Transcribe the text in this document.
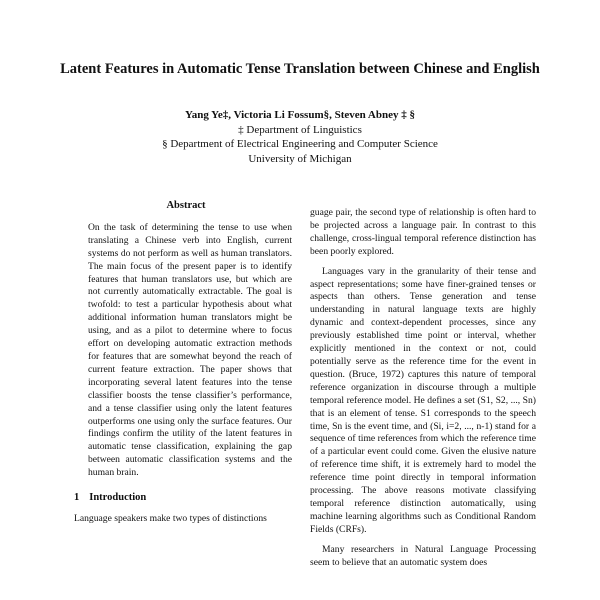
Latent Features in Automatic Tense Translation between Chinese and English
Yang Ye‡, Victoria Li Fossum§, Steven Abney ‡ §
‡ Department of Linguistics
§ Department of Electrical Engineering and Computer Science
University of Michigan
Abstract

On the task of determining the tense to use when translating a Chinese verb into English, current systems do not perform as well as human translators. The main focus of the present paper is to identify features that human translators use, but which are not currently automatically extractable. The goal is twofold: to test a particular hypothesis about what additional information human translators might be using, and as a pilot to determine where to focus effort on developing automatic extraction methods for features that are somewhat beyond the reach of current feature extraction. The paper shows that incorporating several latent features into the tense classifier boosts the tense classifier’s performance, and a tense classifier using only the latent features outperforms one using only the surface features. Our findings confirm the utility of the latent features in automatic tense classification, explaining the gap between automatic classification systems and the human brain.

1 Introduction

Language speakers make two types of distinctions

guage pair, the second type of relationship is often hard to be projected across a language pair. In contrast to this challenge, cross-lingual temporal reference distinction has been poorly explored.

Languages vary in the granularity of their tense and aspect representations; some have finer-grained tenses or aspects than others. Tense generation and tense understanding in natural language texts are highly dynamic and context-dependent processes, since any previously established time point or interval, whether explicitly mentioned in the context or not, could potentially serve as the reference time for the event in question. (Bruce, 1972) captures this nature of temporal reference organization in discourse through a multiple temporal reference model. He defines a set (S1, S2, ..., Sn) that is an element of tense. S1 corresponds to the speech time, Sn is the event time, and (Si, i=2, ..., n-1) stand for a sequence of time references from which the reference time of a particular event could come. Given the elusive nature of reference time shift, it is extremely hard to model the reference time point directly in temporal information processing. The above reasons motivate classifying temporal reference distinction automatically, using machine learning algorithms such as Conditional Random Fields (CRFs).

Many researchers in Natural Language Processing seem to believe that an automatic system does
